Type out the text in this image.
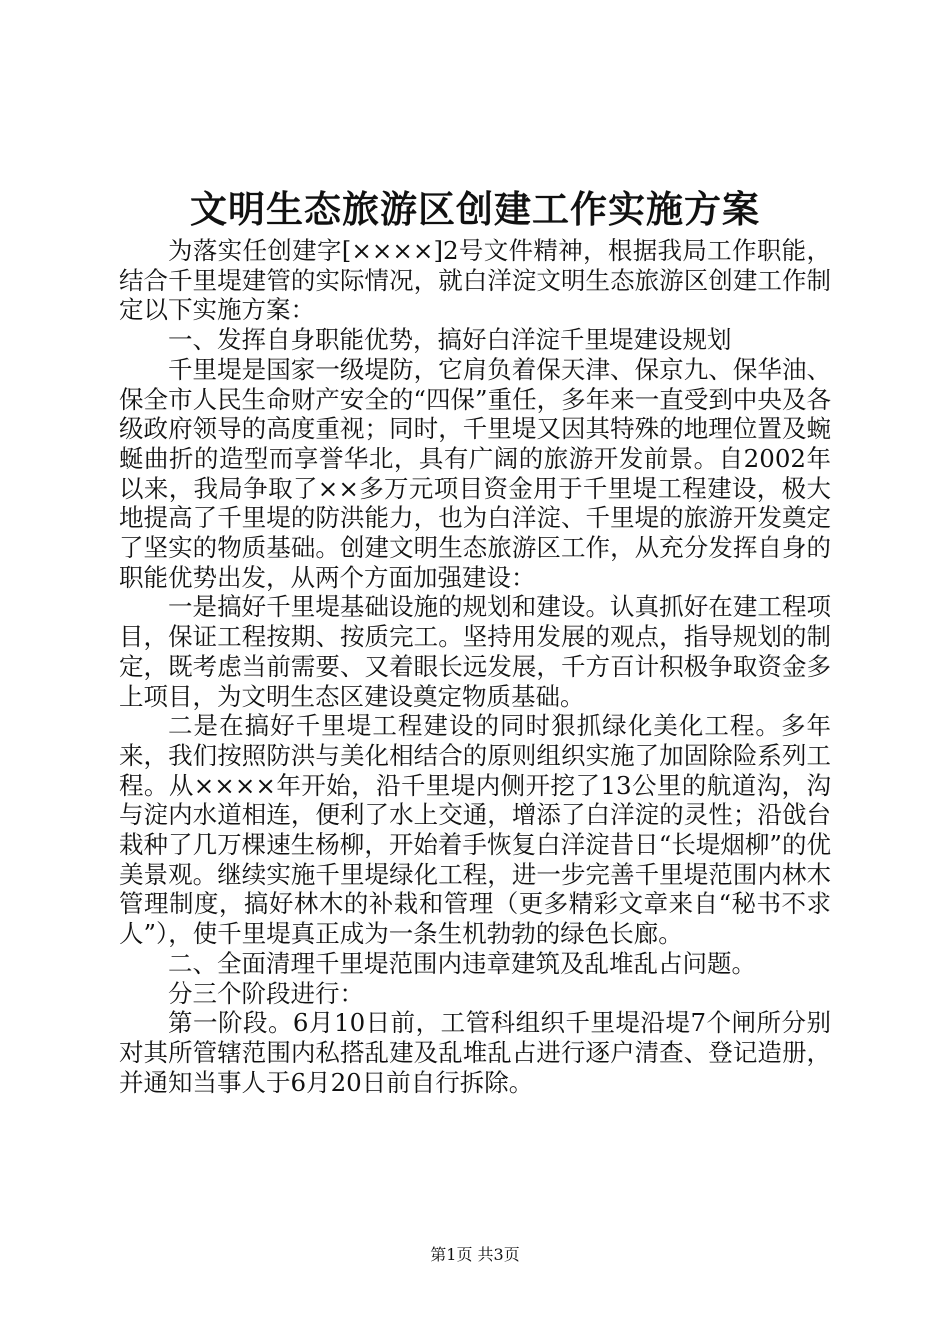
文明生态旅游区创建工作实施方案

为落实任创建字[××××]2号文件精神，根据我局工作职能，结合千里堤建管的实际情况，就白洋淀文明生态旅游区创建工作制定以下实施方案：

一、发挥自身职能优势，搞好白洋淀千里堤建设规划

千里堤是国家一级堤防，它肩负着保天津、保京九、保华油、保全市人民生命财产安全的“四保”重任，多年来一直受到中央及各级政府领导的高度重视；同时，千里堤又因其特殊的地理位置及蜿蜒曲折的造型而享誉华北，具有广阔的旅游开发前景。自2002年以来，我局争取了××多万元项目资金用于千里堤工程建设，极大地提高了千里堤的防洪能力，也为白洋淀、千里堤的旅游开发奠定了坚实的物质基础。创建文明生态旅游区工作，从充分发挥自身的职能优势出发，从两个方面加强建设：

一是搞好千里堤基础设施的规划和建设。认真抓好在建工程项目，保证工程按期、按质完工。坚持用发展的观点，指导规划的制定，既考虑当前需要、又着眼长远发展，千方百计积极争取资金多上项目，为文明生态区建设奠定物质基础。

二是在搞好千里堤工程建设的同时狠抓绿化美化工程。多年来，我们按照防洪与美化相结合的原则组织实施了加固除险系列工程。从××××年开始，沿千里堤内侧开挖了13公里的航道沟，沟与淀内水道相连，便利了水上交通，增添了白洋淀的灵性；沿戗台栽种了几万棵速生杨柳，开始着手恢复白洋淀昔日“长堤烟柳”的优美景观。继续实施千里堤绿化工程，进一步完善千里堤范围内林木管理制度，搞好林木的补栽和管理（更多精彩文章来自“秘书不求人”），使千里堤真正成为一条生机勃勃的绿色长廊。

二、全面清理千里堤范围内违章建筑及乱堆乱占问题。

分三个阶段进行：

第一阶段。6月10日前，工管科组织千里堤沿堤7个闸所分别对其所管辖范围内私搭乱建及乱堆乱占进行逐户清查、登记造册，并通知当事人于6月20日前自行拆除。

第1页 共3页
